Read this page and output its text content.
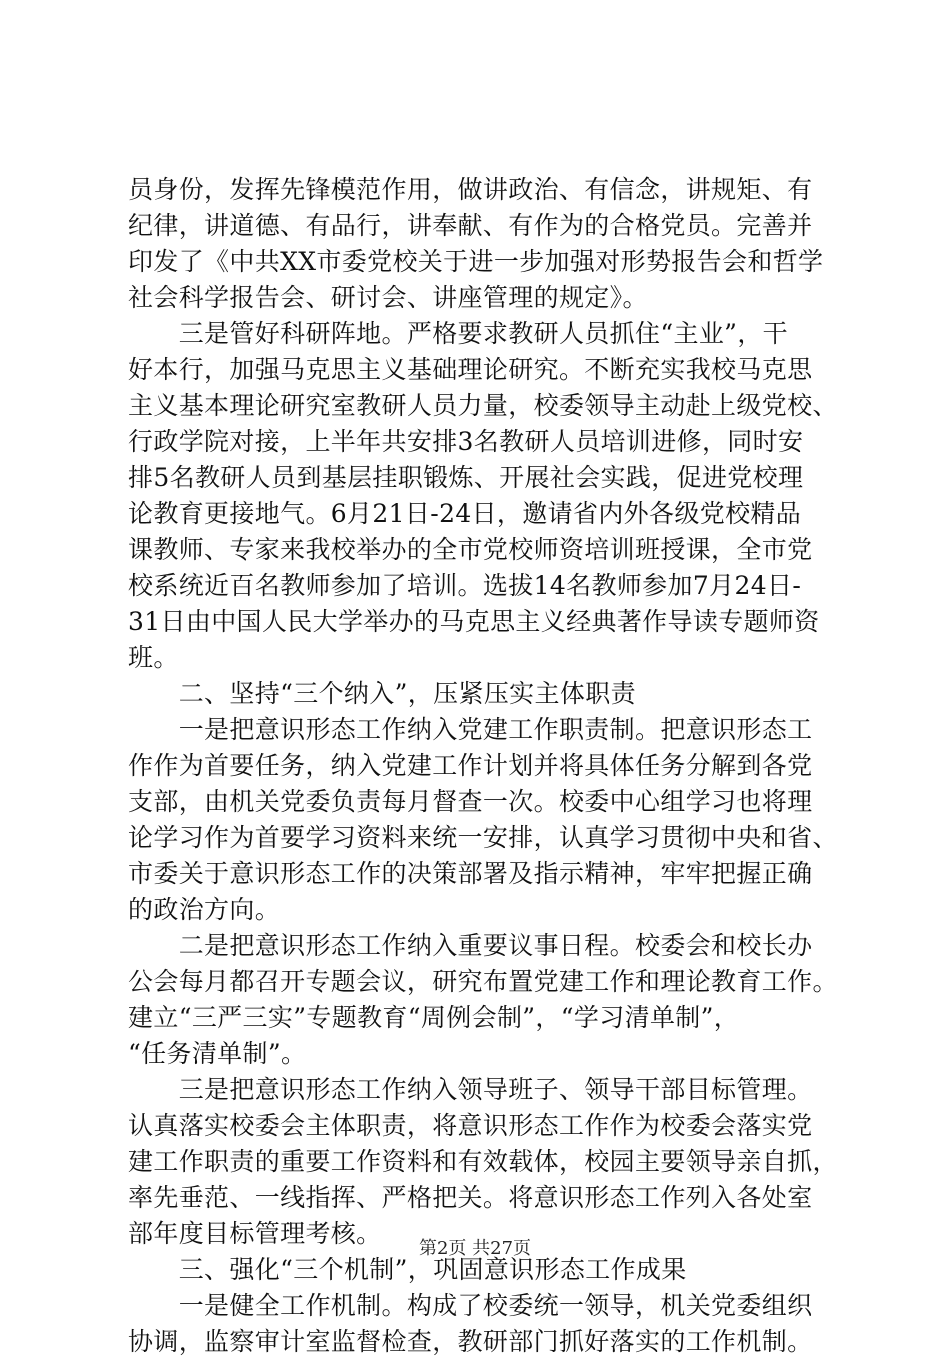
员身份，发挥先锋模范作用，做讲政治、有信念，讲规矩、有
纪律，讲道德、有品行，讲奉献、有作为的合格党员。完善并
印发了《中共XX市委党校关于进一步加强对形势报告会和哲学
社会科学报告会、研讨会、讲座管理的规定》。
　　三是管好科研阵地。严格要求教研人员抓住“主业”，干
好本行，加强马克思主义基础理论研究。不断充实我校马克思
主义基本理论研究室教研人员力量，校委领导主动赴上级党校、
行政学院对接，上半年共安排3名教研人员培训进修，同时安
排5名教研人员到基层挂职锻炼、开展社会实践，促进党校理
论教育更接地气。6月21日-24日，邀请省内外各级党校精品
课教师、专家来我校举办的全市党校师资培训班授课，全市党
校系统近百名教师参加了培训。选拔14名教师参加7月24日-
31日由中国人民大学举办的马克思主义经典著作导读专题师资
班。
　　二、坚持“三个纳入”，压紧压实主体职责
　　一是把意识形态工作纳入党建工作职责制。把意识形态工
作作为首要任务，纳入党建工作计划并将具体任务分解到各党
支部，由机关党委负责每月督查一次。校委中心组学习也将理
论学习作为首要学习资料来统一安排，认真学习贯彻中央和省、
市委关于意识形态工作的决策部署及指示精神，牢牢把握正确
的政治方向。
　　二是把意识形态工作纳入重要议事日程。校委会和校长办
公会每月都召开专题会议，研究布置党建工作和理论教育工作。
建立“三严三实”专题教育“周例会制”，“学习清单制”，
“任务清单制”。
　　三是把意识形态工作纳入领导班子、领导干部目标管理。
认真落实校委会主体职责，将意识形态工作作为校委会落实党
建工作职责的重要工作资料和有效载体，校园主要领导亲自抓，
率先垂范、一线指挥、严格把关。将意识形态工作列入各处室
部年度目标管理考核。
　　三、强化“三个机制”，巩固意识形态工作成果
　　一是健全工作机制。构成了校委统一领导，机关党委组织
协调，监察审计室监督检查，教研部门抓好落实的工作机制。
第2页 共27页
